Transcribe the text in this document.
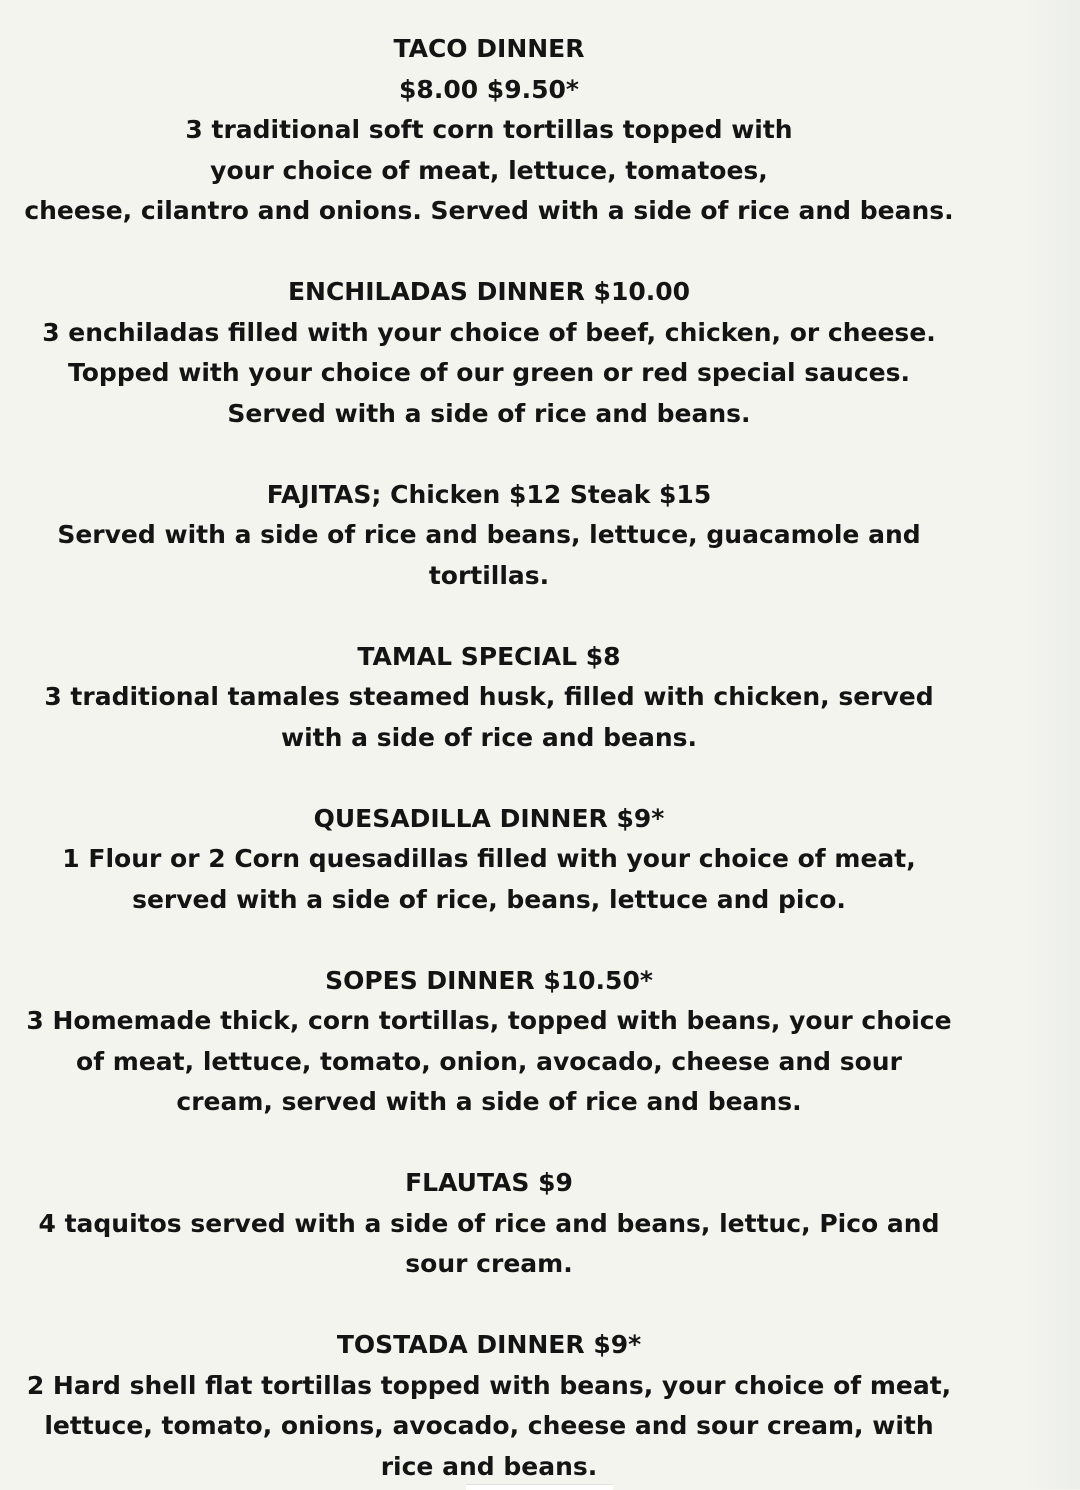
TACO DINNER
$8.00 $9.50*
3 traditional soft corn tortillas topped with
your choice of meat, lettuce, tomatoes,
cheese, cilantro and onions. Served with a side of rice and beans.
ENCHILADAS DINNER $10.00
3 enchiladas filled with your choice of beef, chicken, or cheese.
Topped with your choice of our green or red special sauces.
Served with a side of rice and beans.
FAJITAS; Chicken $12 Steak $15
Served with a side of rice and beans, lettuce, guacamole and
tortillas.
TAMAL SPECIAL $8
3 traditional tamales steamed husk, filled with chicken, served
with a side of rice and beans.
QUESADILLA DINNER $9*
1 Flour or 2 Corn quesadillas filled with your choice of meat,
served with a side of rice, beans, lettuce and pico.
SOPES DINNER $10.50*
3 Homemade thick, corn tortillas, topped with beans, your choice
of meat, lettuce, tomato, onion, avocado, cheese and sour
cream, served with a side of rice and beans.
FLAUTAS $9
4 taquitos served with a side of rice and beans, lettuc, Pico and
sour cream.
TOSTADA DINNER $9*
2 Hard shell flat tortillas topped with beans, your choice of meat,
lettuce, tomato, onions, avocado, cheese and sour cream, with
rice and beans.
